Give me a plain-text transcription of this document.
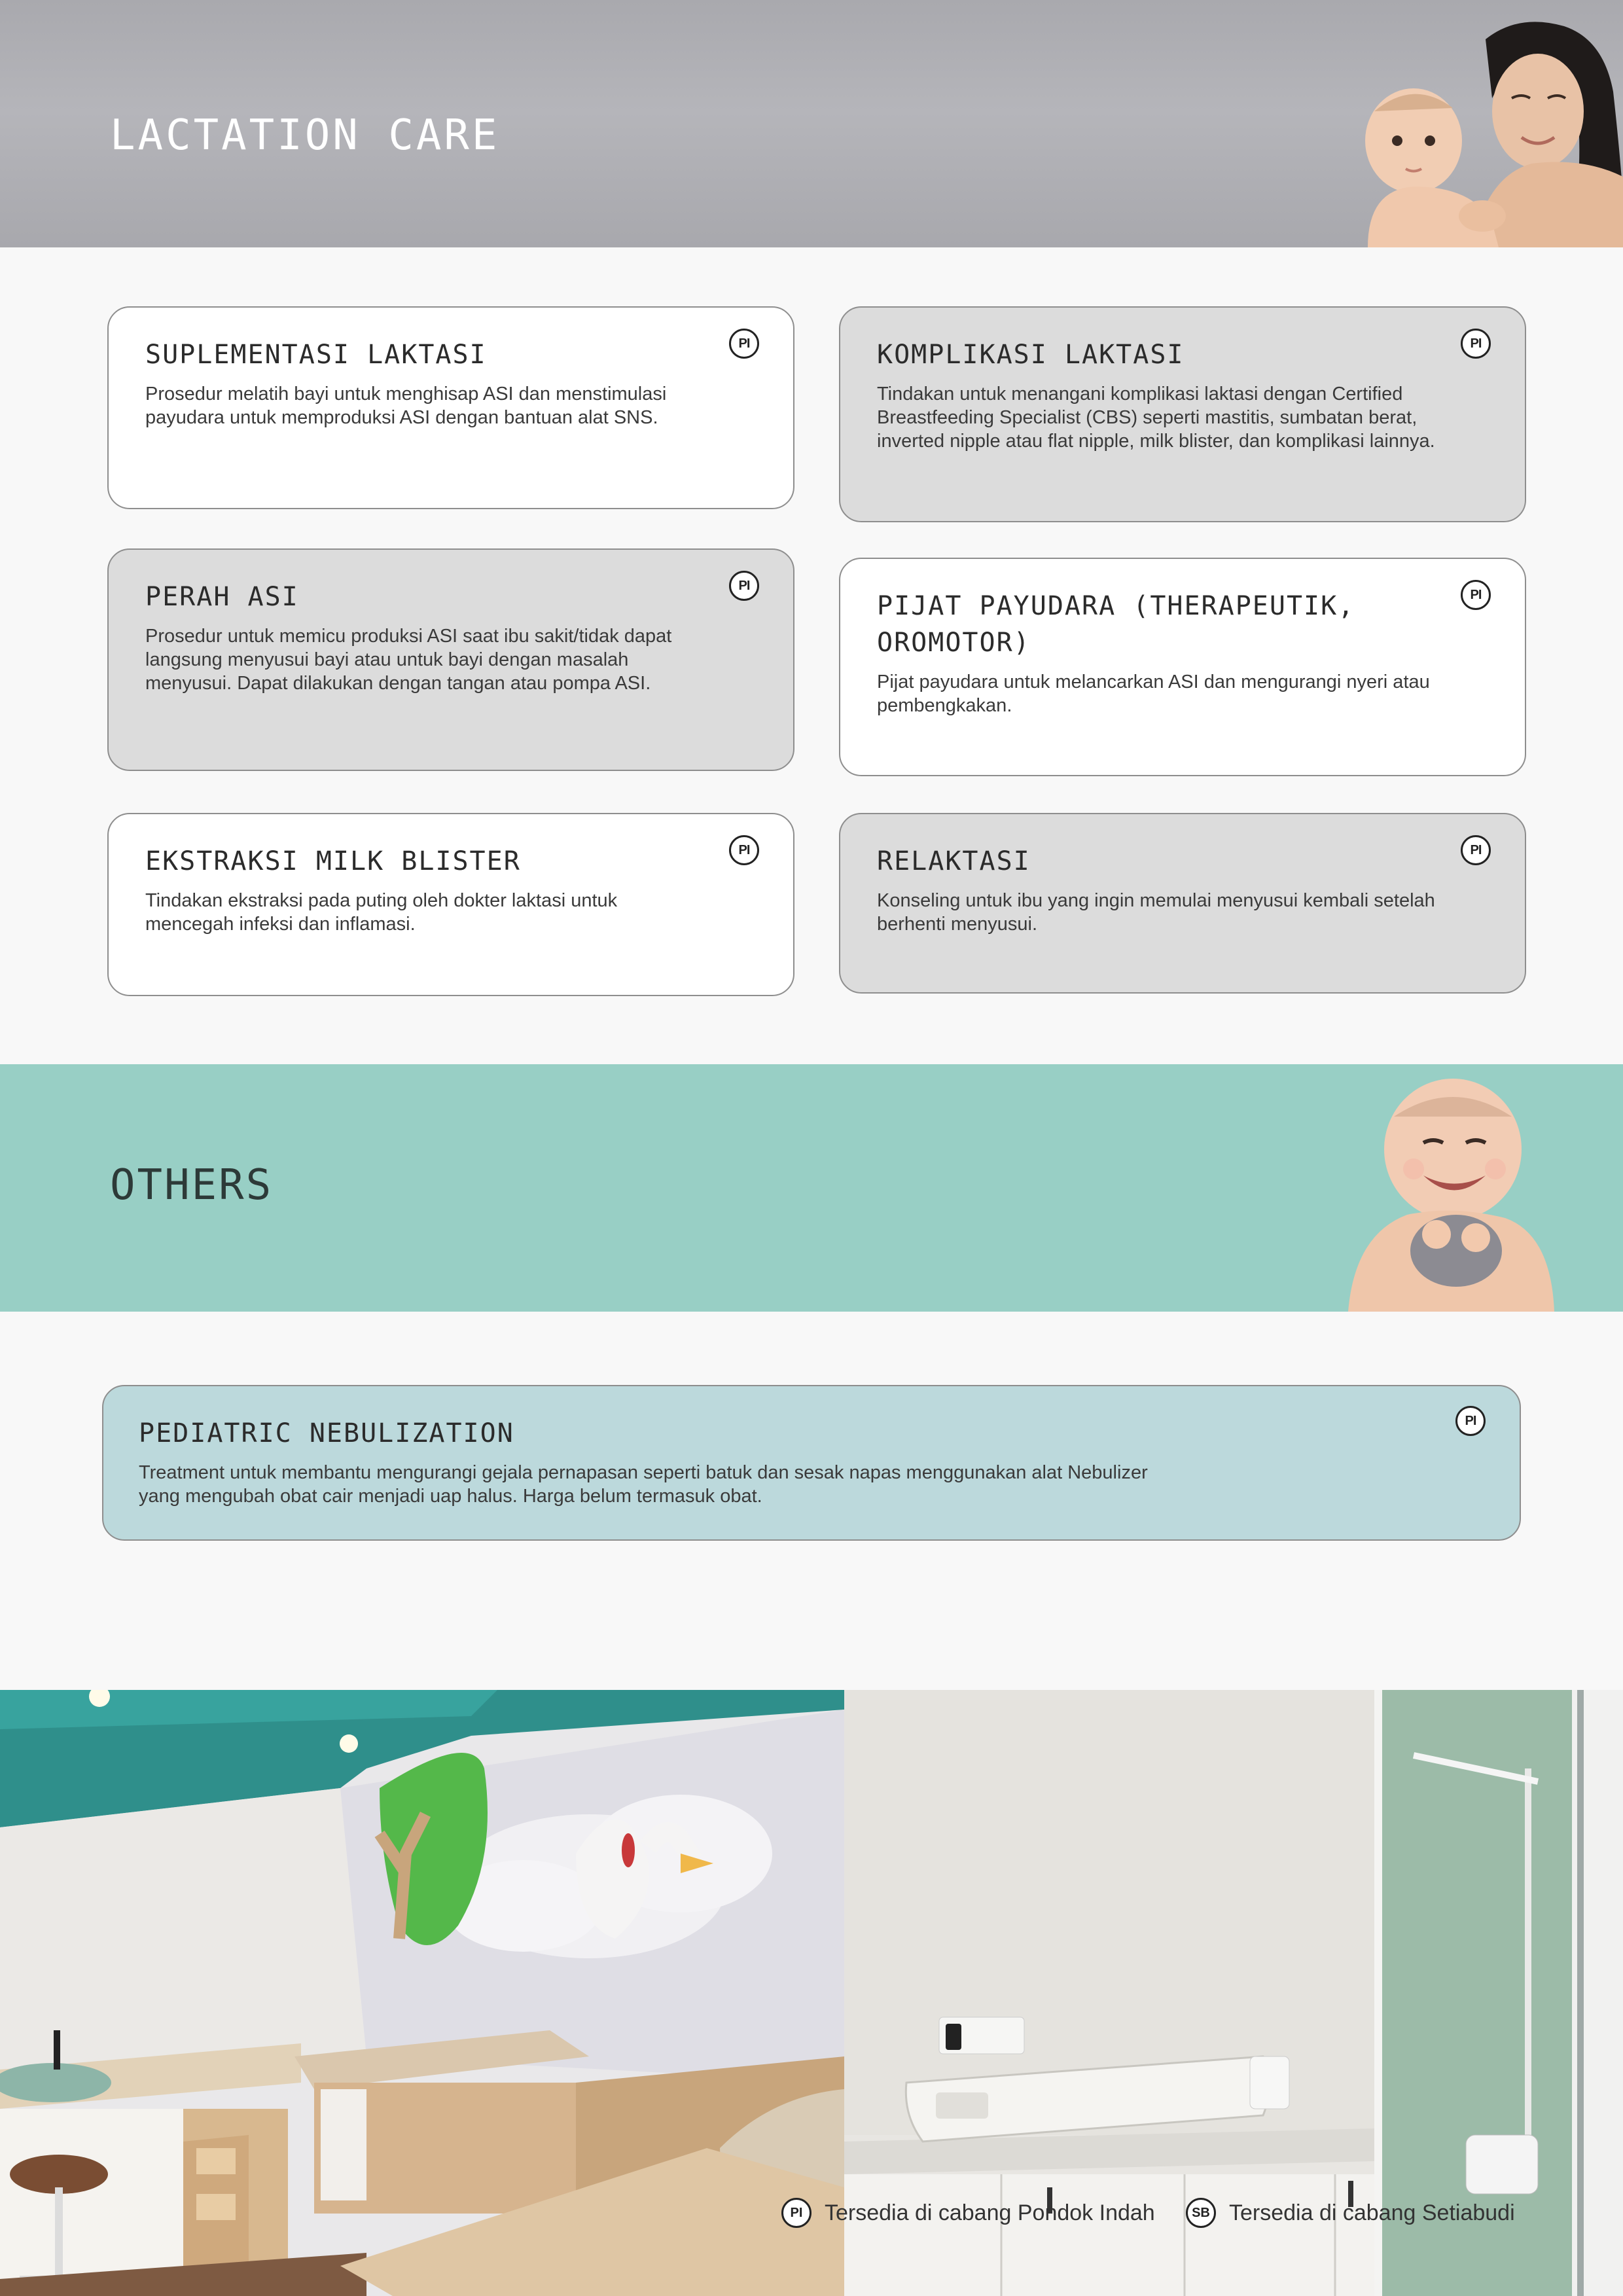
LACTATION CARE
SUPLEMENTASI LAKTASI

Prosedur melatih bayi untuk menghisap ASI dan menstimulasi payudara untuk memproduksi ASI dengan bantuan alat SNS.

PI	KOMPLIKASI LAKTASI

Tindakan untuk menangani komplikasi laktasi dengan Certified Breastfeeding Specialist (CBS) seperti mastitis, sumbatan berat, inverted nipple atau flat nipple, milk blister, dan komplikasi lainnya.

PI
PERAH ASI

Prosedur untuk memicu produksi ASI saat ibu sakit/tidak dapat langsung menyusui bayi atau untuk bayi dengan masalah menyusui. Dapat dilakukan dengan tangan atau pompa ASI.

PI
PIJAT PAYUDARA (THERAPEUTIK, OROMOTOR)

Pijat payudara untuk melancarkan ASI dan mengurangi nyeri atau pembengkakan.

PI
EKSTRAKSI MILK BLISTER

Tindakan ekstraksi pada puting oleh dokter laktasi untuk mencegah infeksi dan inflamasi.

PI	RELAKTASI

Konseling untuk ibu yang ingin memulai menyusui kembali setelah berhenti menyusui.

PI
OTHERS
PEDIATRIC NEBULIZATION

Treatment untuk membantu mengurangi gejala pernapasan seperti batuk dan sesak napas menggunakan alat Nebulizer yang mengubah obat cair menjadi uap halus. Harga belum termasuk obat.

PI
PI Tersedia di cabang Pondok Indah	SB Tersedia di cabang Setiabudi
